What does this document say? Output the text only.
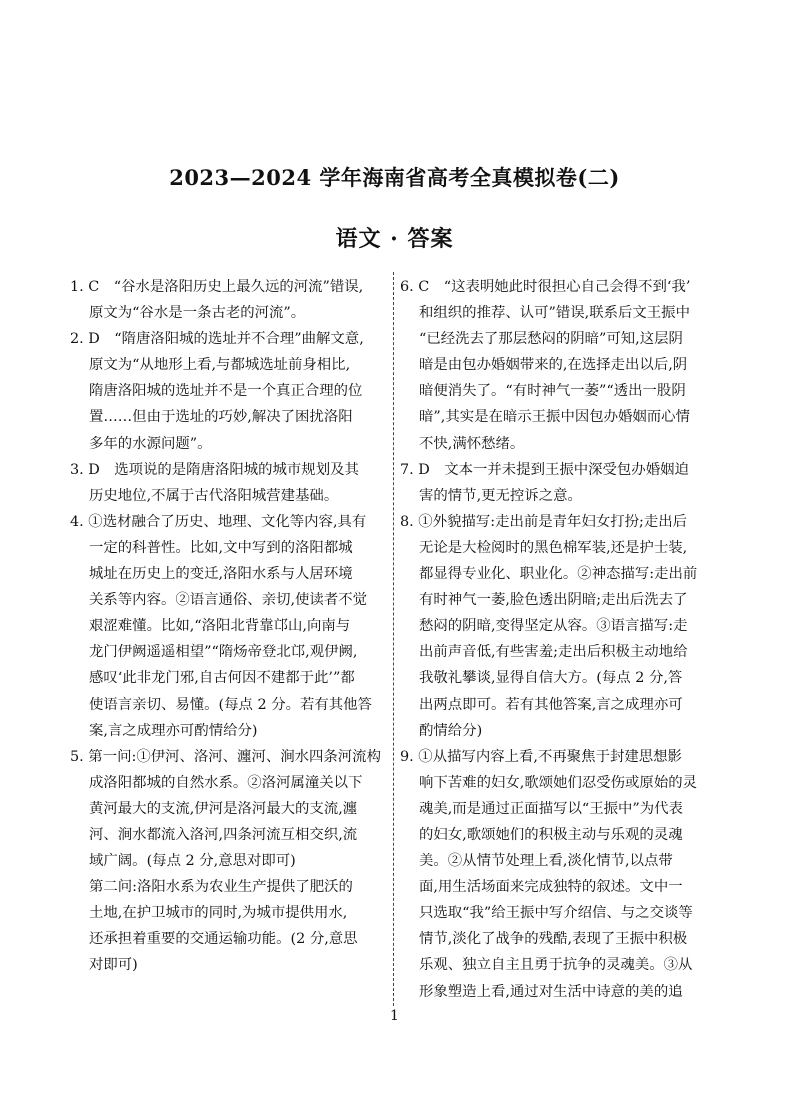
2023—2024 学年海南省高考全真模拟卷(二)
语文 · 答案
1. C　“谷水是洛阳历史上最久远的河流”错误,
原文为“谷水是一条古老的河流”。
2. D　“隋唐洛阳城的选址并不合理”曲解文意,
原文为“从地形上看,与都城选址前身相比,
隋唐洛阳城的选址并不是一个真正合理的位
置……但由于选址的巧妙,解决了困扰洛阳
多年的水源问题”。
3. D　选项说的是隋唐洛阳城的城市规划及其
历史地位,不属于古代洛阳城营建基础。
4. ①选材融合了历史、地理、文化等内容,具有
一定的科普性。比如,文中写到的洛阳都城
城址在历史上的变迁,洛阳水系与人居环境
关系等内容。②语言通俗、亲切,使读者不觉
艰涩难懂。比如,“洛阳北背靠邙山,向南与
龙门伊阙遥遥相望”“隋炀帝登北邙,观伊阙,
感叹‘此非龙门邪,自古何因不建都于此’”都
使语言亲切、易懂。(每点 2 分。若有其他答
案,言之成理亦可酌情给分)
5. 第一问:①伊河、洛河、瀍河、涧水四条河流构
成洛阳都城的自然水系。②洛河属潼关以下
黄河最大的支流,伊河是洛河最大的支流,瀍
河、涧水都流入洛河,四条河流互相交织,流
域广阔。(每点 2 分,意思对即可)
第二问:洛阳水系为农业生产提供了肥沃的
土地,在护卫城市的同时,为城市提供用水,
还承担着重要的交通运输功能。(2 分,意思
对即可)
6. C　“这表明她此时很担心自己会得不到‘我’
和组织的推荐、认可”错误,联系后文王振中
“已经洗去了那层愁闷的阴暗”可知,这层阴
暗是由包办婚姻带来的,在选择走出以后,阴
暗便消失了。“有时神气一萎”“透出一股阴
暗”,其实是在暗示王振中因包办婚姻而心情
不快,满怀愁绪。
7. D　文本一并未提到王振中深受包办婚姻迫
害的情节,更无控诉之意。
8. ①外貌描写:走出前是青年妇女打扮;走出后
无论是大检阅时的黑色棉军装,还是护士装,
都显得专业化、职业化。②神态描写:走出前
有时神气一萎,脸色透出阴暗;走出后洗去了
愁闷的阴暗,变得坚定从容。③语言描写:走
出前声音低,有些害羞;走出后积极主动地给
我敬礼攀谈,显得自信大方。(每点 2 分,答
出两点即可。若有其他答案,言之成理亦可
酌情给分)
9. ①从描写内容上看,不再聚焦于封建思想影
响下苦难的妇女,歌颂她们忍受伤或原始的灵
魂美,而是通过正面描写以“王振中”为代表
的妇女,歌颂她们的积极主动与乐观的灵魂
美。②从情节处理上看,淡化情节,以点带
面,用生活场面来完成独特的叙述。文中一
只选取“我”给王振中写介绍信、与之交谈等
情节,淡化了战争的残酷,表现了王振中积极
乐观、独立自主且勇于抗争的灵魂美。③从
形象塑造上看,通过对生活中诗意的美的追
1
